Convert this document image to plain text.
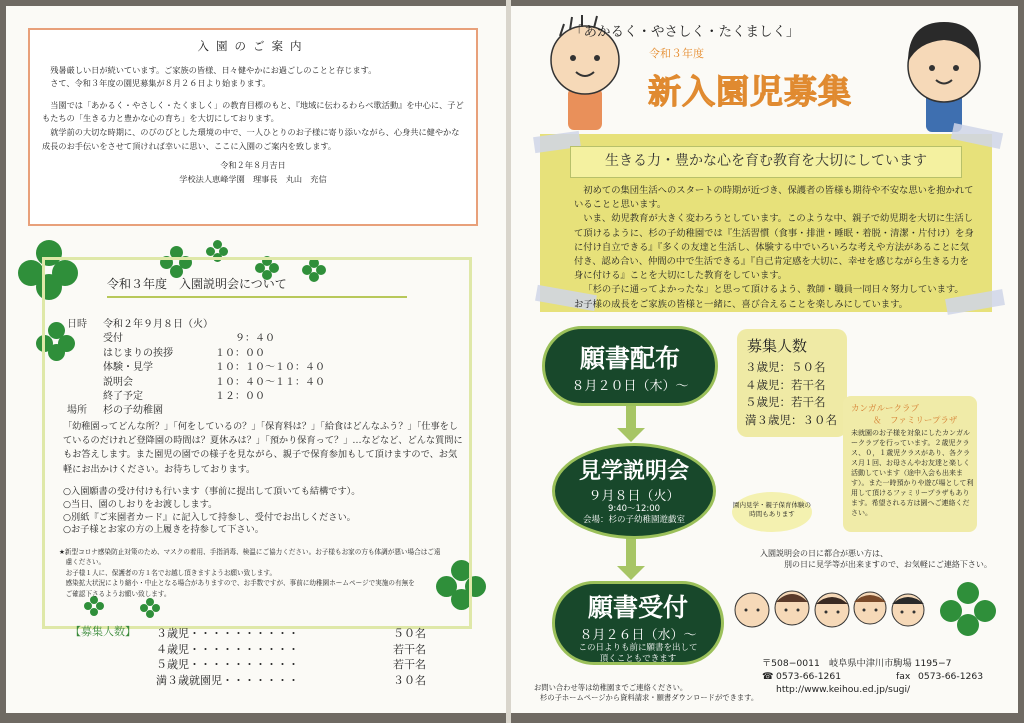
入園のご案内

残暑厳しい日が続いています。ご家族の皆様、日々健やかにお過ごしのことと存じます。

さて、令和３年度の園児募集が８月２６日より始まります。

当園では「あかるく・やさしく・たくましく」の教育目標のもと、『地域に伝わるわらべ歌活動』を中心に、子どもたちの「生きる力と豊かな心の育ち」を大切にしております。

就学前の大切な時期に、のびのびとした環境の中で、一人ひとりのお子様に寄り添いながら、心身共に健やかな成長のお手伝いをさせて頂ければ幸いに思い、ここに入園のご案内を致します。

令和２年８月吉日
学校法人恵峰学園　理事長　丸山　充信
令和３年度　入園説明会について
日時	令和２年９月８日（火）
受付	９：４０
はじまりの挨拶	１０：００
体験・見学	１０：１０〜１０：４０
説明会	１０：４０〜１１：４０
終了予定	１２：００
場所	杉の子幼稚園
「幼稚園ってどんな所？」「何をしているの？」「保育料は？」「給食はどんなふう？」「仕事をしているのだけれど登降園の時間は？夏休みは？」「預かり保育って？」…などなど、どんな質問にもお答えします。また園児の園での様子を見ながら、親子で保育参加もして頂けますので、お気軽にお出かけください。お待ちしております。
○入園願書の受け付けも行います（事前に提出して頂いても結構です）。
○当日、園のしおりをお渡しします。
○別紙『ご来園者カード』に記入して持参し、受付でお出しください。
○お子様とお家の方の上履きを持参して下さい。
★新型コロナ感染防止対策のため、マスクの着用、手指消毒、検温にご協力ください。お子様もお家の方も体調が悪い場合はご遠
　慮ください。
　お子様１人に、保護者の方１名でお越し頂きますようお願い致します。
　感染拡大状況により縮小・中止となる場合がありますので、お手数ですが、事前に幼稚園ホームページで実施の有無を
　ご確認下さるようお願い致します。
【募集人数】	３歳児・・・・・・・・・・	５０名
４歳児・・・・・・・・・・	若干名
５歳児・・・・・・・・・・	若干名
満３歳就園児・・・・・・・	３０名
「あかるく・やさしく・たくましく」
令和３年度
新入園児募集
生きる力・豊かな心を育む教育を大切にしています
初めての集団生活へのスタートの時期が近づき、保護者の皆様も期待や不安な思いを抱かれていることと思います。
いま、幼児教育が大きく変わろうとしています。このような中、親子で幼児期を大切に生活して頂けるように、杉の子幼稚園では『生活習慣（食事・排泄・睡眠・着脱・清潔・片付け）を身に付け自立できる』『多くの友達と生活し、体験する中でいろいろな考えや方法があることに気付き、認め合い、仲間の中で生活できる』『自己肯定感を大切に、幸せを感じながら生きる力を身に付ける』ことを大切にした教育をしています。
「杉の子に通ってよかったな」と思って頂けるよう、教師・職員一同日々努力しています。
お子様の成長をご家族の皆様と一緒に、喜び合えることを楽しみにしています。
願書配布
８月２０日（木）〜
見学説明会
９月８日（火）
9:40〜12:00
会場：杉の子幼稚園遊戯室
願書受付
８月２６日（水）〜
この日よりも前に願書を出して
頂くこともできます
園内見学・親子保育体験の時間もあります
募集人数
３歳児：５０名
４歳児：若干名
５歳児：若干名
満３歳児：３０名
カンガルークラブ
＆　ファミリープラザ
未就園のお子様を対象にしたカンガルークラブを行っています。２歳児クラス、０，１歳児クラスがあり、各クラス月１回、お母さんやお友達と楽しく活動しています（途中入会も出来ます）。また一時預かりや遊び場として利用して頂けるファミリープラザもあります。希望される方は園へご連絡ください。
入園説明会の日に都合が悪い方は、
別の日に見学等が出来ますので、お気軽にご連絡下さい。
〒508−0011　岐阜県中津川市駒場 1195−7
☎ 0573-66-1261	fax 0573-66-1263
http://www.keihou.ed.jp/sugi/
お問い合わせ等は幼稚園までご連絡ください。
杉の子ホームページから資料請求・願書ダウンロードができます。
